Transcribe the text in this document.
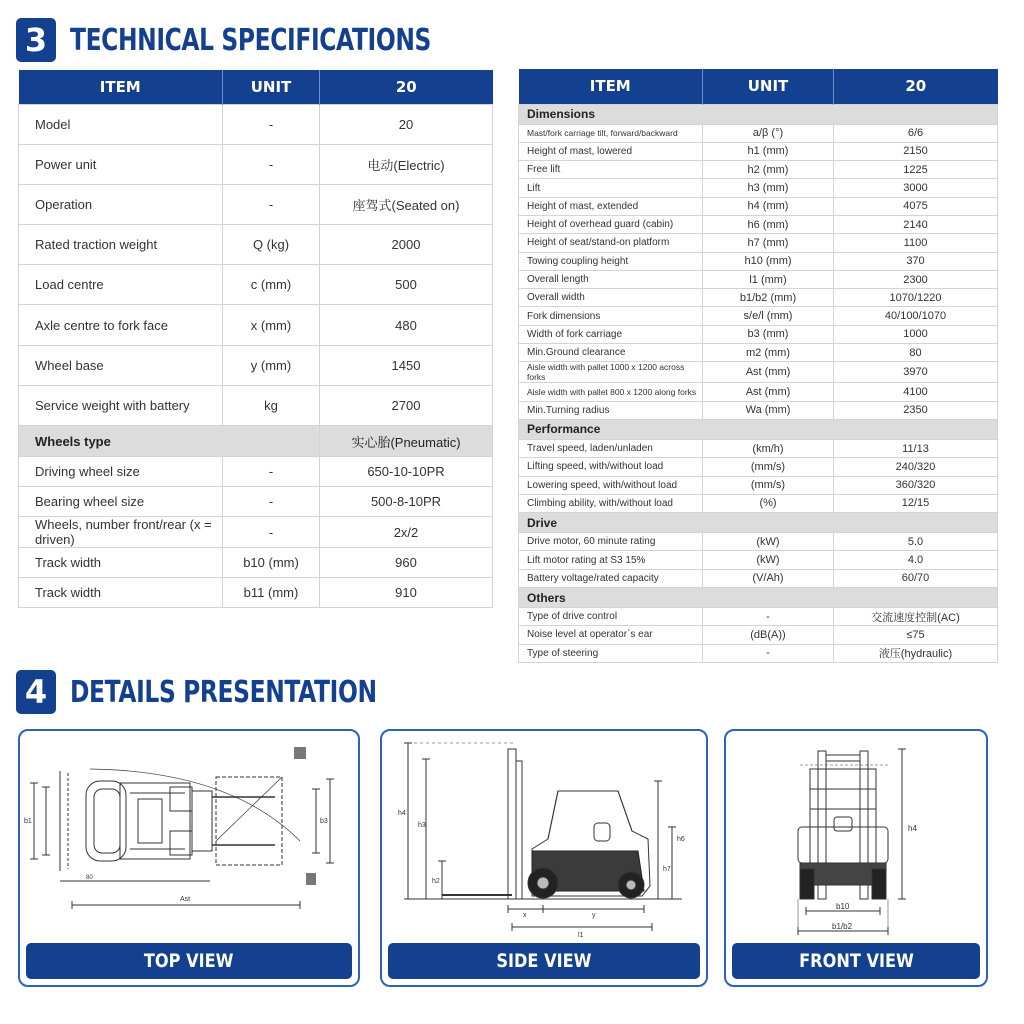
3 TECHNICAL SPECIFICATIONS
ITEM	UNIT	20
Model	-	20
Power unit	-	电动(Electric)
Operation	-	座驾式(Seated on)
Rated traction weight	Q (kg)	2000
Load centre	c (mm)	500
Axle centre to fork face	x (mm)	480
Wheel base	y (mm)	1450
Service weight with battery	kg	2700
Wheels type		实心胎(Pneumatic)
Driving wheel size	-	650-10-10PR
Bearing wheel size	-	500-8-10PR
Wheels, number front/rear (x = driven)	-	2x/2
Track width	b10 (mm)	960
Track width	b11 (mm)	910
ITEM	UNIT	20
Dimensions		
Mast/fork carriage tilt, forward/backward	a/β (°)	6/6
Height of mast, lowered	h1 (mm)	2150
Free lift	h2 (mm)	1225
Lift	h3 (mm)	3000
Height of mast, extended	h4 (mm)	4075
Height of overhead guard (cabin)	h6 (mm)	2140
Height of seat/stand-on platform	h7 (mm)	1100
Towing coupling height	h10 (mm)	370
Overall length	l1 (mm)	2300
Overall width	b1/b2 (mm)	1070/1220
Fork dimensions	s/e/l (mm)	40/100/1070
Width of fork carriage	b3 (mm)	1000
Min.Ground clearance	m2 (mm)	80
Aisle width with pallet 1000 x 1200 across forks	Ast (mm)	3970
Aisle width with pallet 800 x 1200 along forks	Ast (mm)	4100
Min.Turning radius	Wa (mm)	2350
Performance		
Travel speed, laden/unladen	(km/h)	11/13
Lifting speed, with/without load	(mm/s)	240/320
Lowering speed, with/without load	(mm/s)	360/320
Climbing ability, with/without load	(%)	12/15
Drive		
Drive motor, 60 minute rating	(kW)	5.0
Lift motor rating at S3 15%	(kW)	4.0
Battery voltage/rated capacity	(V/Ah)	60/70
Others		
Type of drive control	-	交流速度控制(AC)
Noise level at operator`s ear	(dB(A))	≤75
Type of steering	-	液压(hydraulic)
4 DETAILS PRESENTATION
Ast
b1	b3
80
TOP VIEW
h4
h3
h2
h6
h7
x	y
l1
SIDE VIEW
h4
b10
b1/b2
FRONT VIEW
